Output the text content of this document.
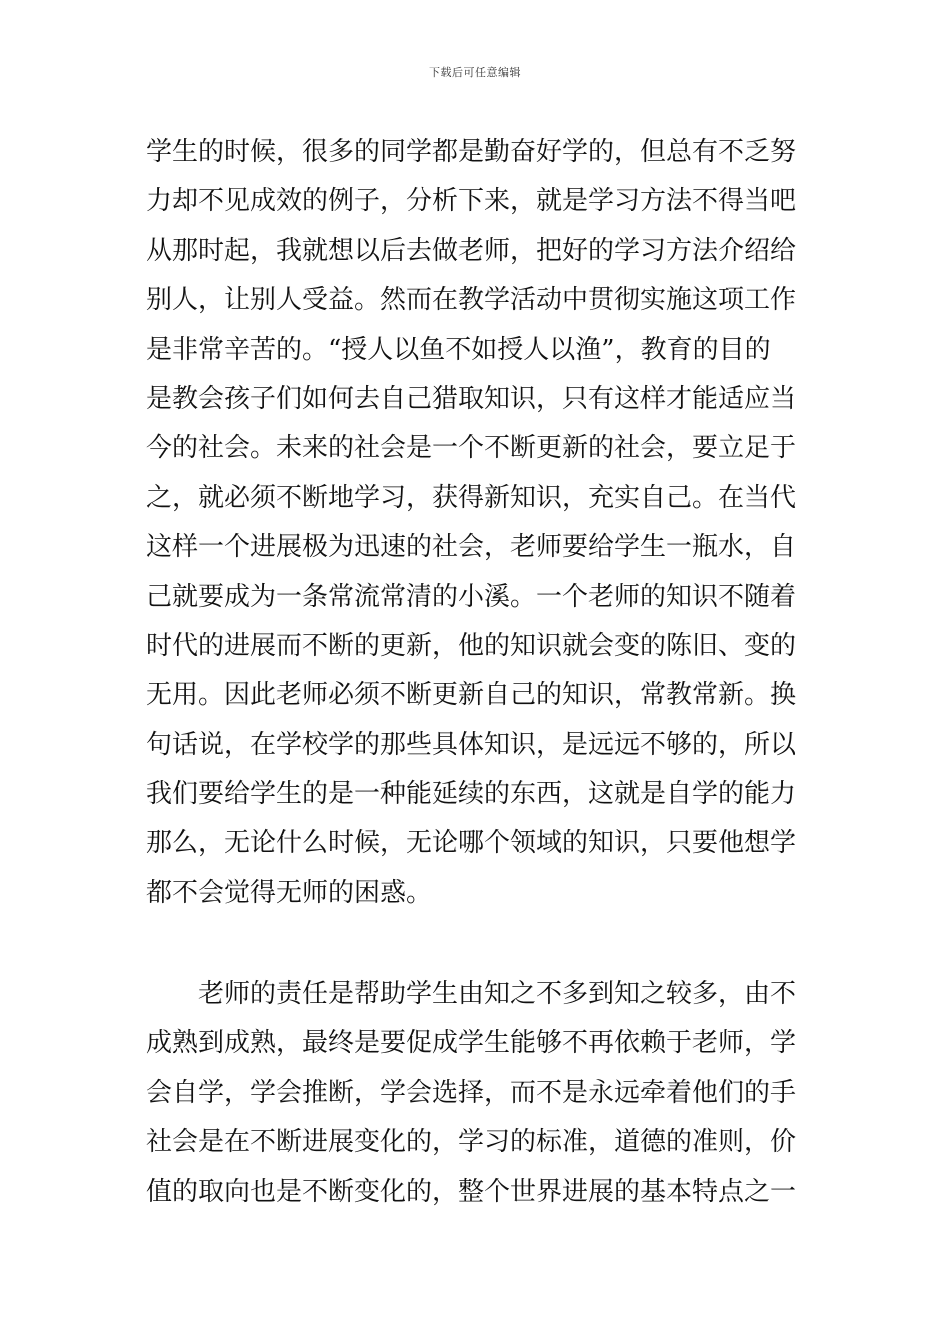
下载后可任意编辑
学生的时候，很多的同学都是勤奋好学的，但总有不乏努
力却不见成效的例子，分析下来，就是学习方法不得当吧
从那时起，我就想以后去做老师，把好的学习方法介绍给
别人，让别人受益。然而在教学活动中贯彻实施这项工作
是非常辛苦的。“授人以鱼不如授人以渔”，教育的目的
是教会孩子们如何去自己猎取知识，只有这样才能适应当
今的社会。未来的社会是一个不断更新的社会，要立足于
之，就必须不断地学习，获得新知识，充实自己。在当代
这样一个进展极为迅速的社会，老师要给学生一瓶水，自
己就要成为一条常流常清的小溪。一个老师的知识不随着
时代的进展而不断的更新，他的知识就会变的陈旧、变的
无用。因此老师必须不断更新自己的知识，常教常新。换
句话说，在学校学的那些具体知识，是远远不够的，所以
我们要给学生的是一种能延续的东西，这就是自学的能力
那么，无论什么时候，无论哪个领域的知识，只要他想学
都不会觉得无师的困惑。
老师的责任是帮助学生由知之不多到知之较多，由不
成熟到成熟，最终是要促成学生能够不再依赖于老师，学
会自学，学会推断，学会选择，而不是永远牵着他们的手
社会是在不断进展变化的，学习的标准，道德的准则，价
值的取向也是不断变化的，整个世界进展的基本特点之一
